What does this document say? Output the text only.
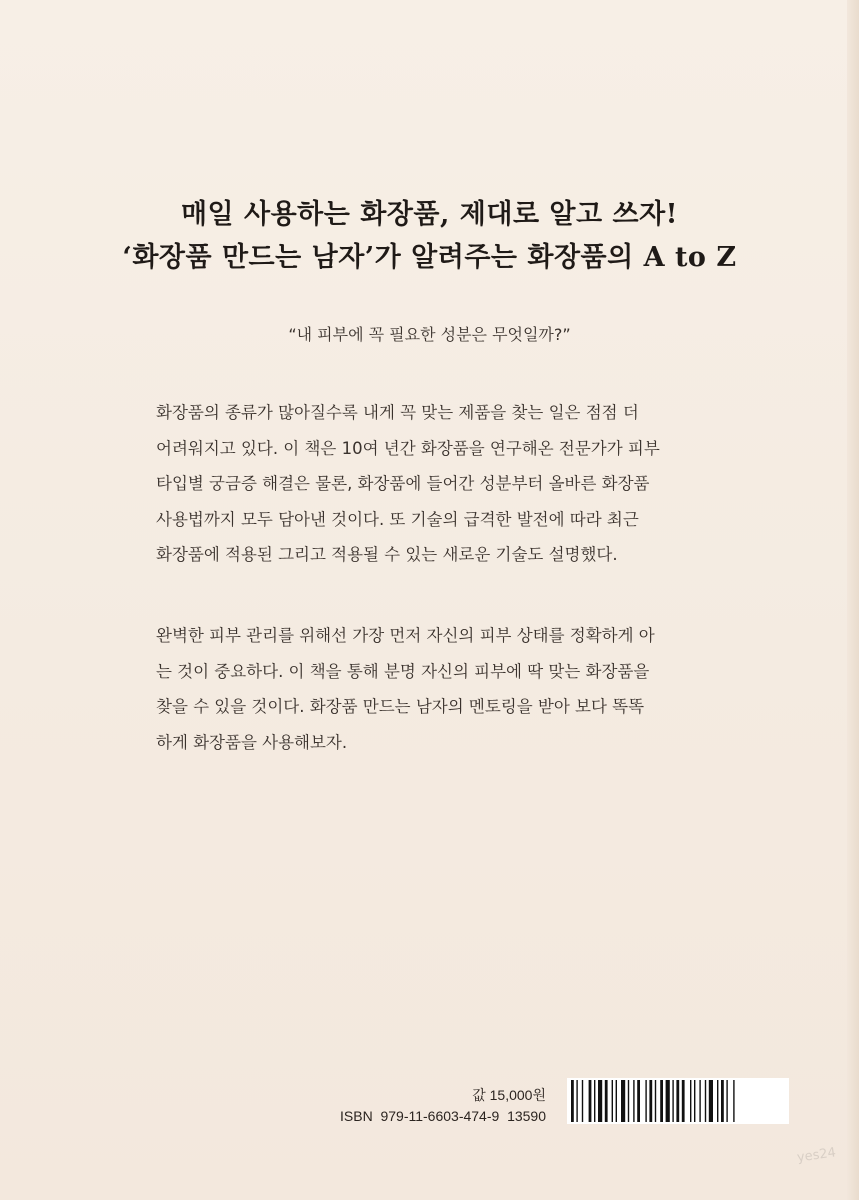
매일 사용하는 화장품, 제대로 알고 쓰자!
‘화장품 만드는 남자’가 알려주는 화장품의 A to Z
“내 피부에 꼭 필요한 성분은 무엇일까?”
화장품의 종류가 많아질수록 내게 꼭 맞는 제품을 찾는 일은 점점 더
어려워지고 있다. 이 책은 10여 년간 화장품을 연구해온 전문가가 피부
타입별 궁금증 해결은 물론, 화장품에 들어간 성분부터 올바른 화장품
사용법까지 모두 담아낸 것이다. 또 기술의 급격한 발전에 따라 최근
화장품에 적용된 그리고 적용될 수 있는 새로운 기술도 설명했다.
완벽한 피부 관리를 위해선 가장 먼저 자신의 피부 상태를 정확하게 아
는 것이 중요하다. 이 책을 통해 분명 자신의 피부에 딱 맞는 화장품을
찾을 수 있을 것이다. 화장품 만드는 남자의 멘토링을 받아 보다 똑똑
하게 화장품을 사용해보자.
값 15,000원
ISBN  979-11-6603-474-9  13590
yes24
